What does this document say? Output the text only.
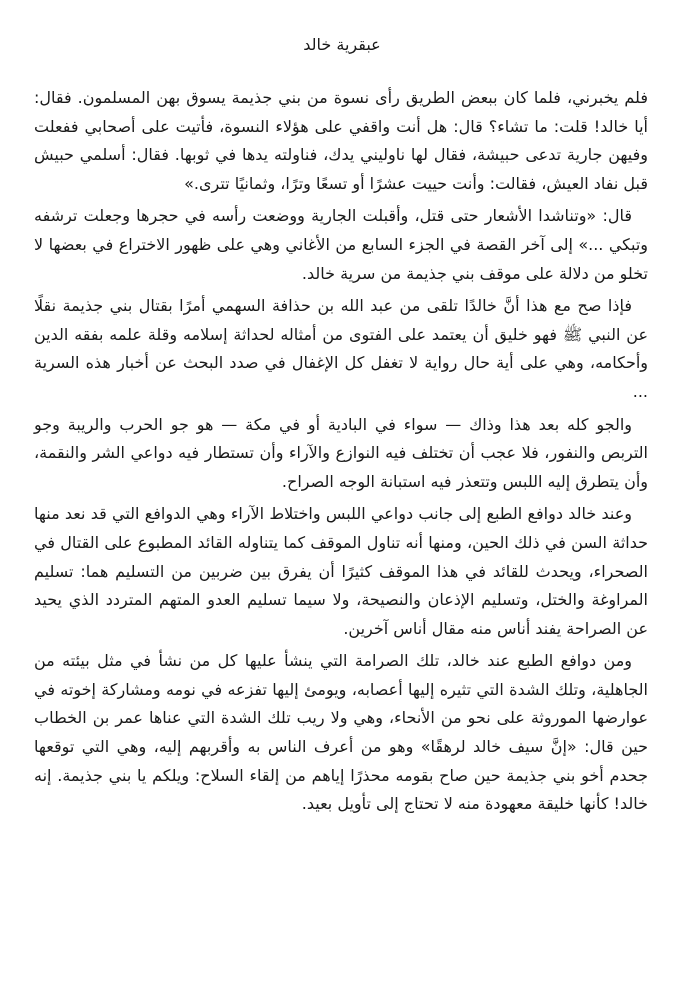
عبقرية خالد

فلم يخبرني، فلما كان ببعض الطريق رأى نسوة من بني جذيمة يسوق بهن المسلمون. فقال: أيا خالد! قلت: ما تشاء؟ قال: هل أنت واقفي على هؤلاء النسوة، فأتيت على أصحابي ففعلت وفيهن جارية تدعى حبيشة، فقال لها ناوليني يدك، فناولته يدها في ثوبها. فقال: أسلمي حبيش قبل نفاد العيش، فقالت: وأنت حييت عشرًا أو تسعًا وترًا، وثمانيًا تترى.»

قال: «وتناشدا الأشعار حتى قتل، وأقبلت الجارية ووضعت رأسه في حجرها وجعلت ترشفه وتبكي ...» إلى آخر القصة في الجزء السابع من الأغاني وهي على ظهور الاختراع في بعضها لا تخلو من دلالة على موقف بني جذيمة من سرية خالد.

فإذا صح مع هذا أنَّ خالدًا تلقى من عبد الله بن حذافة السهمي أمرًا بقتال بني جذيمة نقلًا عن النبي ﷺ فهو خليق أن يعتمد على الفتوى من أمثاله لحداثة إسلامه وقلة علمه بفقه الدين وأحكامه، وهي على أية حال رواية لا تغفل كل الإغفال في صدد البحث عن أخبار هذه السرية ...

والجو كله بعد هذا وذاك — سواء في البادية أو في مكة — هو جو الحرب والريبة وجو التربص والنفور، فلا عجب أن تختلف فيه النوازع والآراء وأن تستطار فيه دواعي الشر والنقمة، وأن يتطرق إليه اللبس وتتعذر فيه استبانة الوجه الصراح.

وعند خالد دوافع الطبع إلى جانب دواعي اللبس واختلاط الآراء وهي الدوافع التي قد نعد منها حداثة السن في ذلك الحين، ومنها أنه تناول الموقف كما يتناوله القائد المطبوع على القتال في الصحراء، ويحدث للقائد في هذا الموقف كثيرًا أن يفرق بين ضربين من التسليم هما: تسليم المراوغة والختل، وتسليم الإذعان والنصيحة، ولا سيما تسليم العدو المتهم المتردد الذي يحيد عن الصراحة يفند أناس منه مقال أناس آخرين.

ومن دوافع الطبع عند خالد، تلك الصرامة التي ينشأ عليها كل من نشأ في مثل بيئته من الجاهلية، وتلك الشدة التي تثيره إليها أعصابه، ويومئ إليها تفزعه في نومه ومشاركة إخوته في عوارضها الموروثة على نحو من الأنحاء، وهي ولا ريب تلك الشدة التي عناها عمر بن الخطاب حين قال: «إنَّ سيف خالد لرهقًا» وهو من أعرف الناس به وأقربهم إليه، وهي التي توقعها جحدم أخو بني جذيمة حين صاح بقومه محذرًا إياهم من إلقاء السلاح: ويلكم يا بني جذيمة. إنه خالد! كأنها خليقة معهودة منه لا تحتاج إلى تأويل بعيد.
